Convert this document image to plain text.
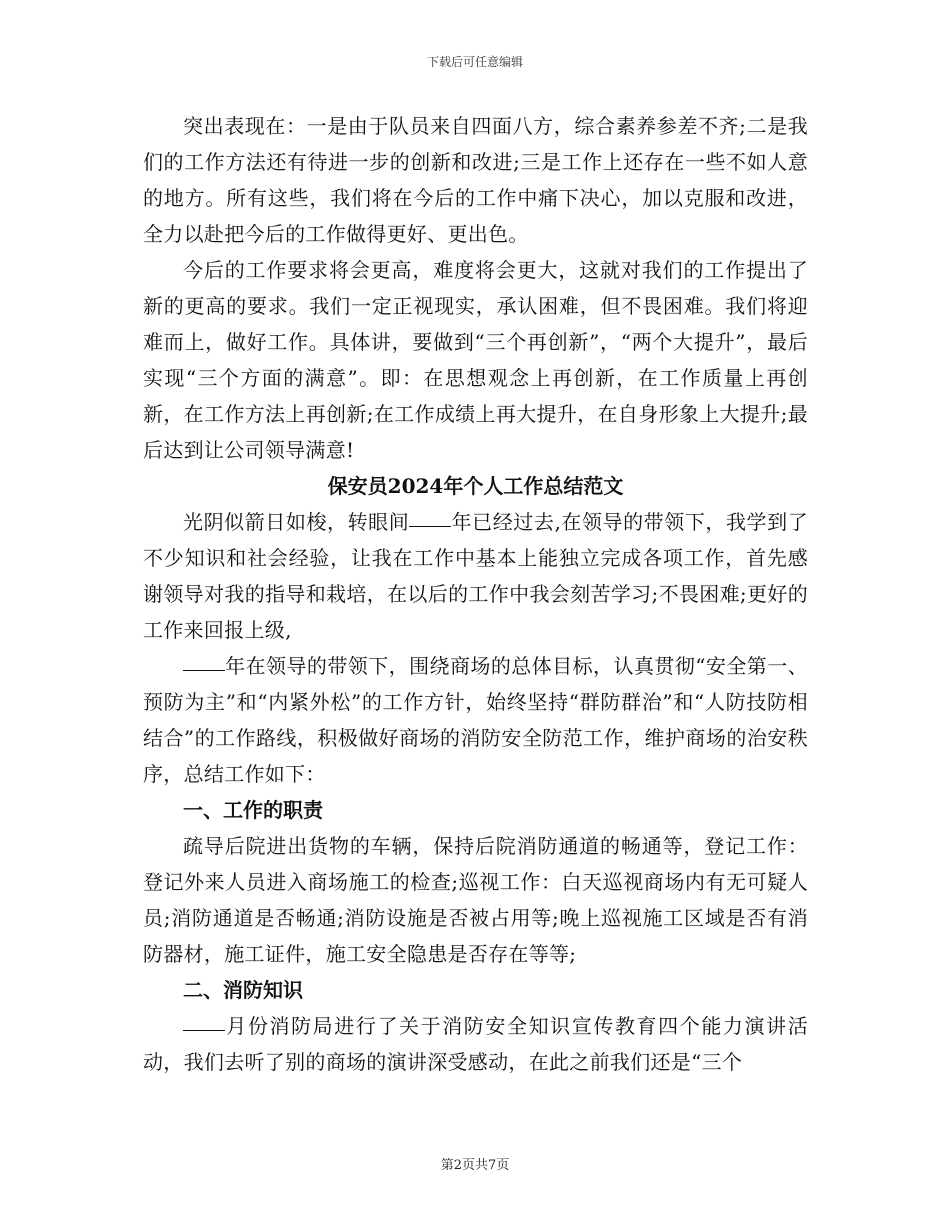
下载后可任意编辑

突出表现在：一是由于队员来自四面八方，综合素养参差不齐;二是我们的工作方法还有待进一步的创新和改进;三是工作上还存在一些不如人意的地方。所有这些，我们将在今后的工作中痛下决心，加以克服和改进，全力以赴把今后的工作做得更好、更出色。

今后的工作要求将会更高，难度将会更大，这就对我们的工作提出了新的更高的要求。我们一定正视现实，承认困难，但不畏困难。我们将迎难而上，做好工作。具体讲，要做到“三个再创新”，“两个大提升”，最后实现“三个方面的满意”。即：在思想观念上再创新，在工作质量上再创新，在工作方法上再创新;在工作成绩上再大提升，在自身形象上大提升;最后达到让公司领导满意!

保安员2024年个人工作总结范文

光阴似箭日如梭，转眼间 年已经过去,在领导的带领下，我学到了不少知识和社会经验，让我在工作中基本上能独立完成各项工作，首先感谢领导对我的指导和栽培，在以后的工作中我会刻苦学习;不畏困难;更好的工作来回报上级,

年在领导的带领下，围绕商场的总体目标，认真贯彻“安全第一、预防为主”和“内紧外松”的工作方针，始终坚持“群防群治”和“人防技防相结合”的工作路线，积极做好商场的消防安全防范工作，维护商场的治安秩序，总结工作如下：

一、工作的职责

疏导后院进出货物的车辆，保持后院消防通道的畅通等，登记工作：登记外来人员进入商场施工的检查;巡视工作：白天巡视商场内有无可疑人员;消防通道是否畅通;消防设施是否被占用等;晚上巡视施工区域是否有消防器材，施工证件，施工安全隐患是否存在等等;

二、消防知识

月份消防局进行了关于消防安全知识宣传教育四个能力演讲活动，我们去听了别的商场的演讲深受感动，在此之前我们还是“三个

第2页共7页
